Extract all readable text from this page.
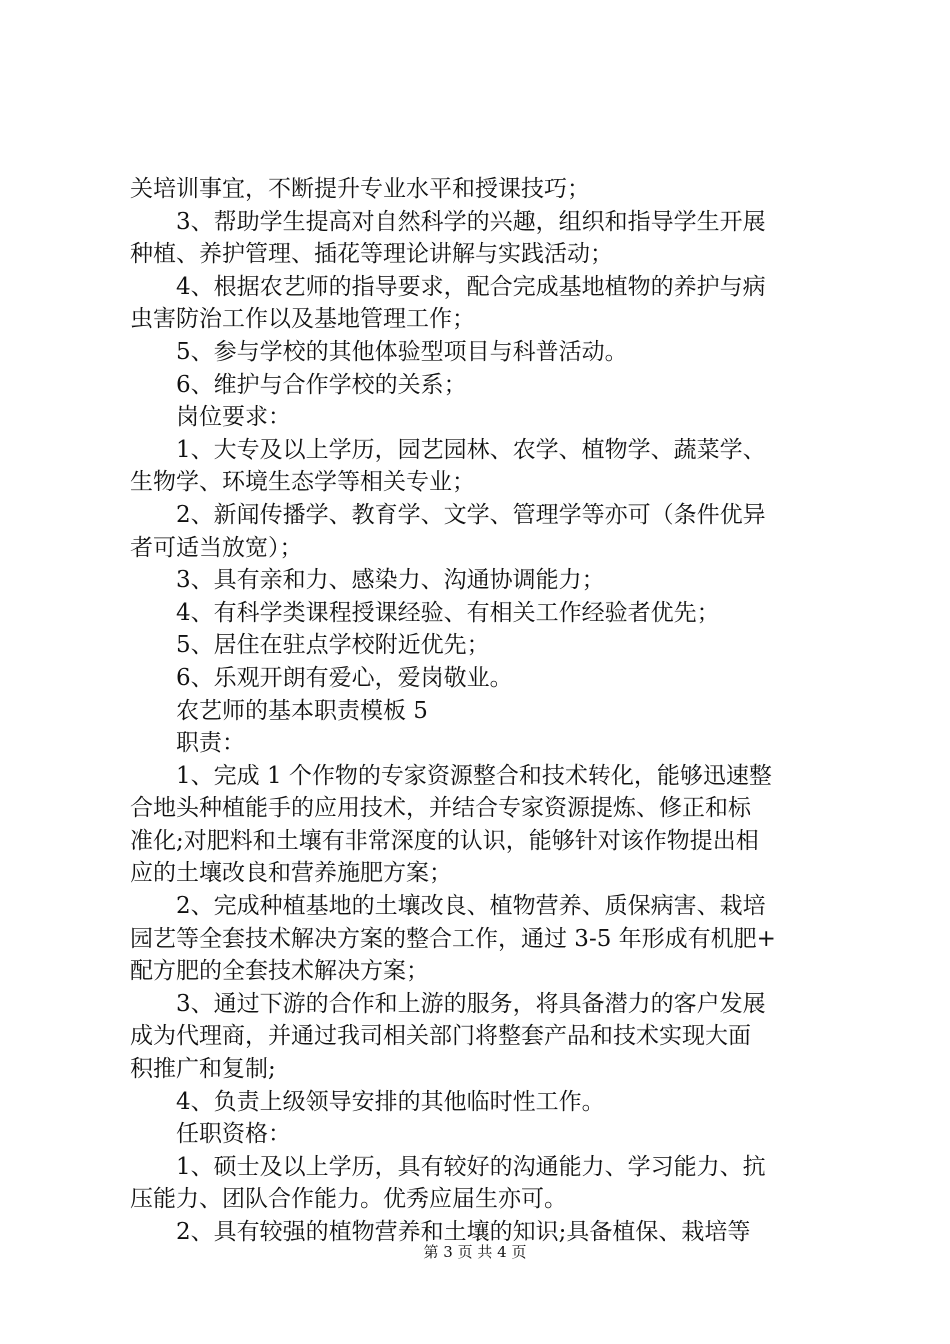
关培训事宜，不断提升专业水平和授课技巧；
3、帮助学生提高对自然科学的兴趣，组织和指导学生开展
种植、养护管理、插花等理论讲解与实践活动；
4、根据农艺师的指导要求，配合完成基地植物的养护与病
虫害防治工作以及基地管理工作；
5、参与学校的其他体验型项目与科普活动。
6、维护与合作学校的关系；
岗位要求：
1、大专及以上学历，园艺园林、农学、植物学、蔬菜学、
生物学、环境生态学等相关专业；
2、新闻传播学、教育学、文学、管理学等亦可（条件优异
者可适当放宽）；
3、具有亲和力、感染力、沟通协调能力；
4、有科学类课程授课经验、有相关工作经验者优先；
5、居住在驻点学校附近优先；
6、乐观开朗有爱心，爱岗敬业。
农艺师的基本职责模板 5
职责：
1、完成 1 个作物的专家资源整合和技术转化，能够迅速整
合地头种植能手的应用技术，并结合专家资源提炼、修正和标
准化;对肥料和土壤有非常深度的认识，能够针对该作物提出相
应的土壤改良和营养施肥方案；
2、完成种植基地的土壤改良、植物营养、质保病害、栽培
园艺等全套技术解决方案的整合工作，通过 3-5 年形成有机肥+
配方肥的全套技术解决方案；
3、通过下游的合作和上游的服务，将具备潜力的客户发展
成为代理商，并通过我司相关部门将整套产品和技术实现大面
积推广和复制;
4、负责上级领导安排的其他临时性工作。
任职资格：
1、硕士及以上学历，具有较好的沟通能力、学习能力、抗
压能力、团队合作能力。优秀应届生亦可。
2、具有较强的植物营养和土壤的知识;具备植保、栽培等
第 3 页 共 4 页
